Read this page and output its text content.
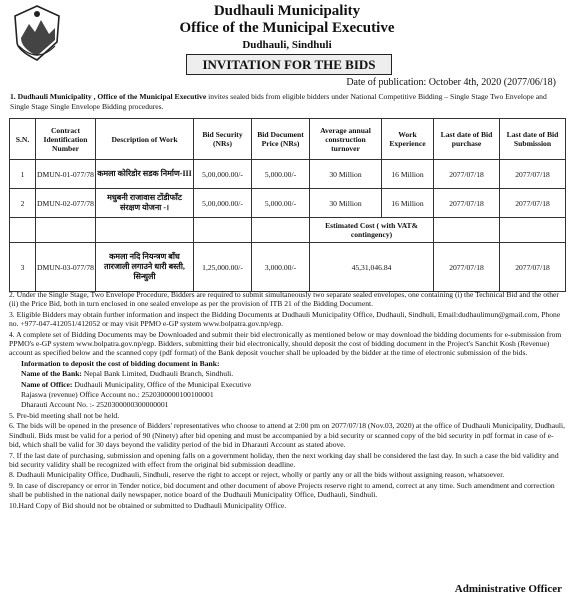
Dudhauli Municipality
Office of the Municipal Executive
Dudhauli, Sindhuli
INVITATION FOR THE BIDS
Date of publication: October 4th, 2020 (2077/06/18)
1. Dudhauli Municipality , Office of the Municipal Executive invites sealed bids from eligible bidders under National Competitive Bidding – Single Stage Two Envelope and Single Stage Single Envelope Bidding procedures.
S.N.	Contract Identification Number	Description of Work	Bid Security (NRs)	Bid Document Price (NRs)	Average annual construction turnover	Work Experience	Last date of Bid purchase	Last date of Bid Submission
1	DMUN-01-077/78	कमला कोरिडोर सडक निर्माण-III	5,00,000.00/-	5,000.00/-	30 Million	16 Million	2077/07/18	2077/07/18
2	DMUN-02-077/78	मधुबनी राजावास टोंडीफाँट संरक्षण योजना -।	5,00,000.00/-	5,000.00/-	30 Million	16 Million	2077/07/18	2077/07/18
					Estimated Cost ( with VAT& contingency)			
3	DMUN-03-077/78	कमला नदि नियन्त्रण बाँध तारजाली लगाउने धारी बस्ती, सिन्धुली	1,25,000.00/-	3,000.00/-	45,31,046.84		2077/07/18	2077/07/18

2. Under the Single Stage, Two Envelope Procedure, Bidders are required to submit simultaneously two separate sealed envelopes, one containing (i) the Technical Bid and the other (ii) the Price Bid, both in turn enclosed in one sealed envelope as per the provision of ITB 21 of the Bidding Document.

3. Eligible Bidders may obtain further information and inspect the Bidding Documents at Dudhauli Municipality Office, Dudhauli, Sindhuli, Email:dudhaulimun@gmail.com, Phone no. +977-047-412051/412052 or may visit PPMO e-GP system www.bolpatra.gov.np/egp.

4. A complete set of Bidding Documents may be Downloaded and submit their bid electronically as mentioned below or may download the bidding documents for e-submission from PPMO's e-GP system www.bolpatra.gov.np/egp. Bidders, submitting their bid electronically, should deposit the cost of bidding document in the Project's Sanchit Kosh (Revenue) account as specified below and the scanned copy (pdf format) of the Bank deposit voucher shall be uploaded by the bidder at the time of electronic submission of the bids.

Information to deposit the cost of bidding document in Bank:

Name of the Bank: Nepal Bank Limited, Dudhauli Branch, Sindhuli.

Name of Office: Dudhauli Municipality, Office of the Municipal Executive

Rajaswa (revenue) Office Account no.: 2520300000100100001

Dharauti Account No. :- 2520300000300000001

5. Pre-bid meeting shall not be held.

6. The bids will be opened in the presence of Bidders' representatives who choose to attend at 2:00 pm on 2077/07/18 (Nov.03, 2020) at the office of Dudhauli Municipality, Dudhauli, Sindhuli. Bids must be valid for a period of 90 (Ninety) after bid opening and must be accompanied by a bid security or scanned copy of the bid security in pdf format in case of e-bid, which shall be valid for 30 days beyond the validity period of the bid in Dharauti Account as stated above.

7. If the last date of purchasing, submission and opening falls on a government holiday, then the next working day shall be considered the last day. In such a case the bid validity and bid security validity shall be recognized with effect from the original bid submission deadline.

8. Dudhauli Municipality Office, Dudhauli, Sindhuli, reserve the right to accept or reject, wholly or partly any or all the bids without assigning reason, whatsoever.

9. In case of discrepancy or error in Tender notice, bid document and other document of above Projects reserve right to amend, correct at any time. Such amendment and correction shall be published in the national daily newspaper, notice board of the Dudhauli Municipality Office, Dudhauli, Sindhuli.

10.Hard Copy of Bid should not be obtained or submitted to Dudhauli Municipality Office.

Administrative Officer
